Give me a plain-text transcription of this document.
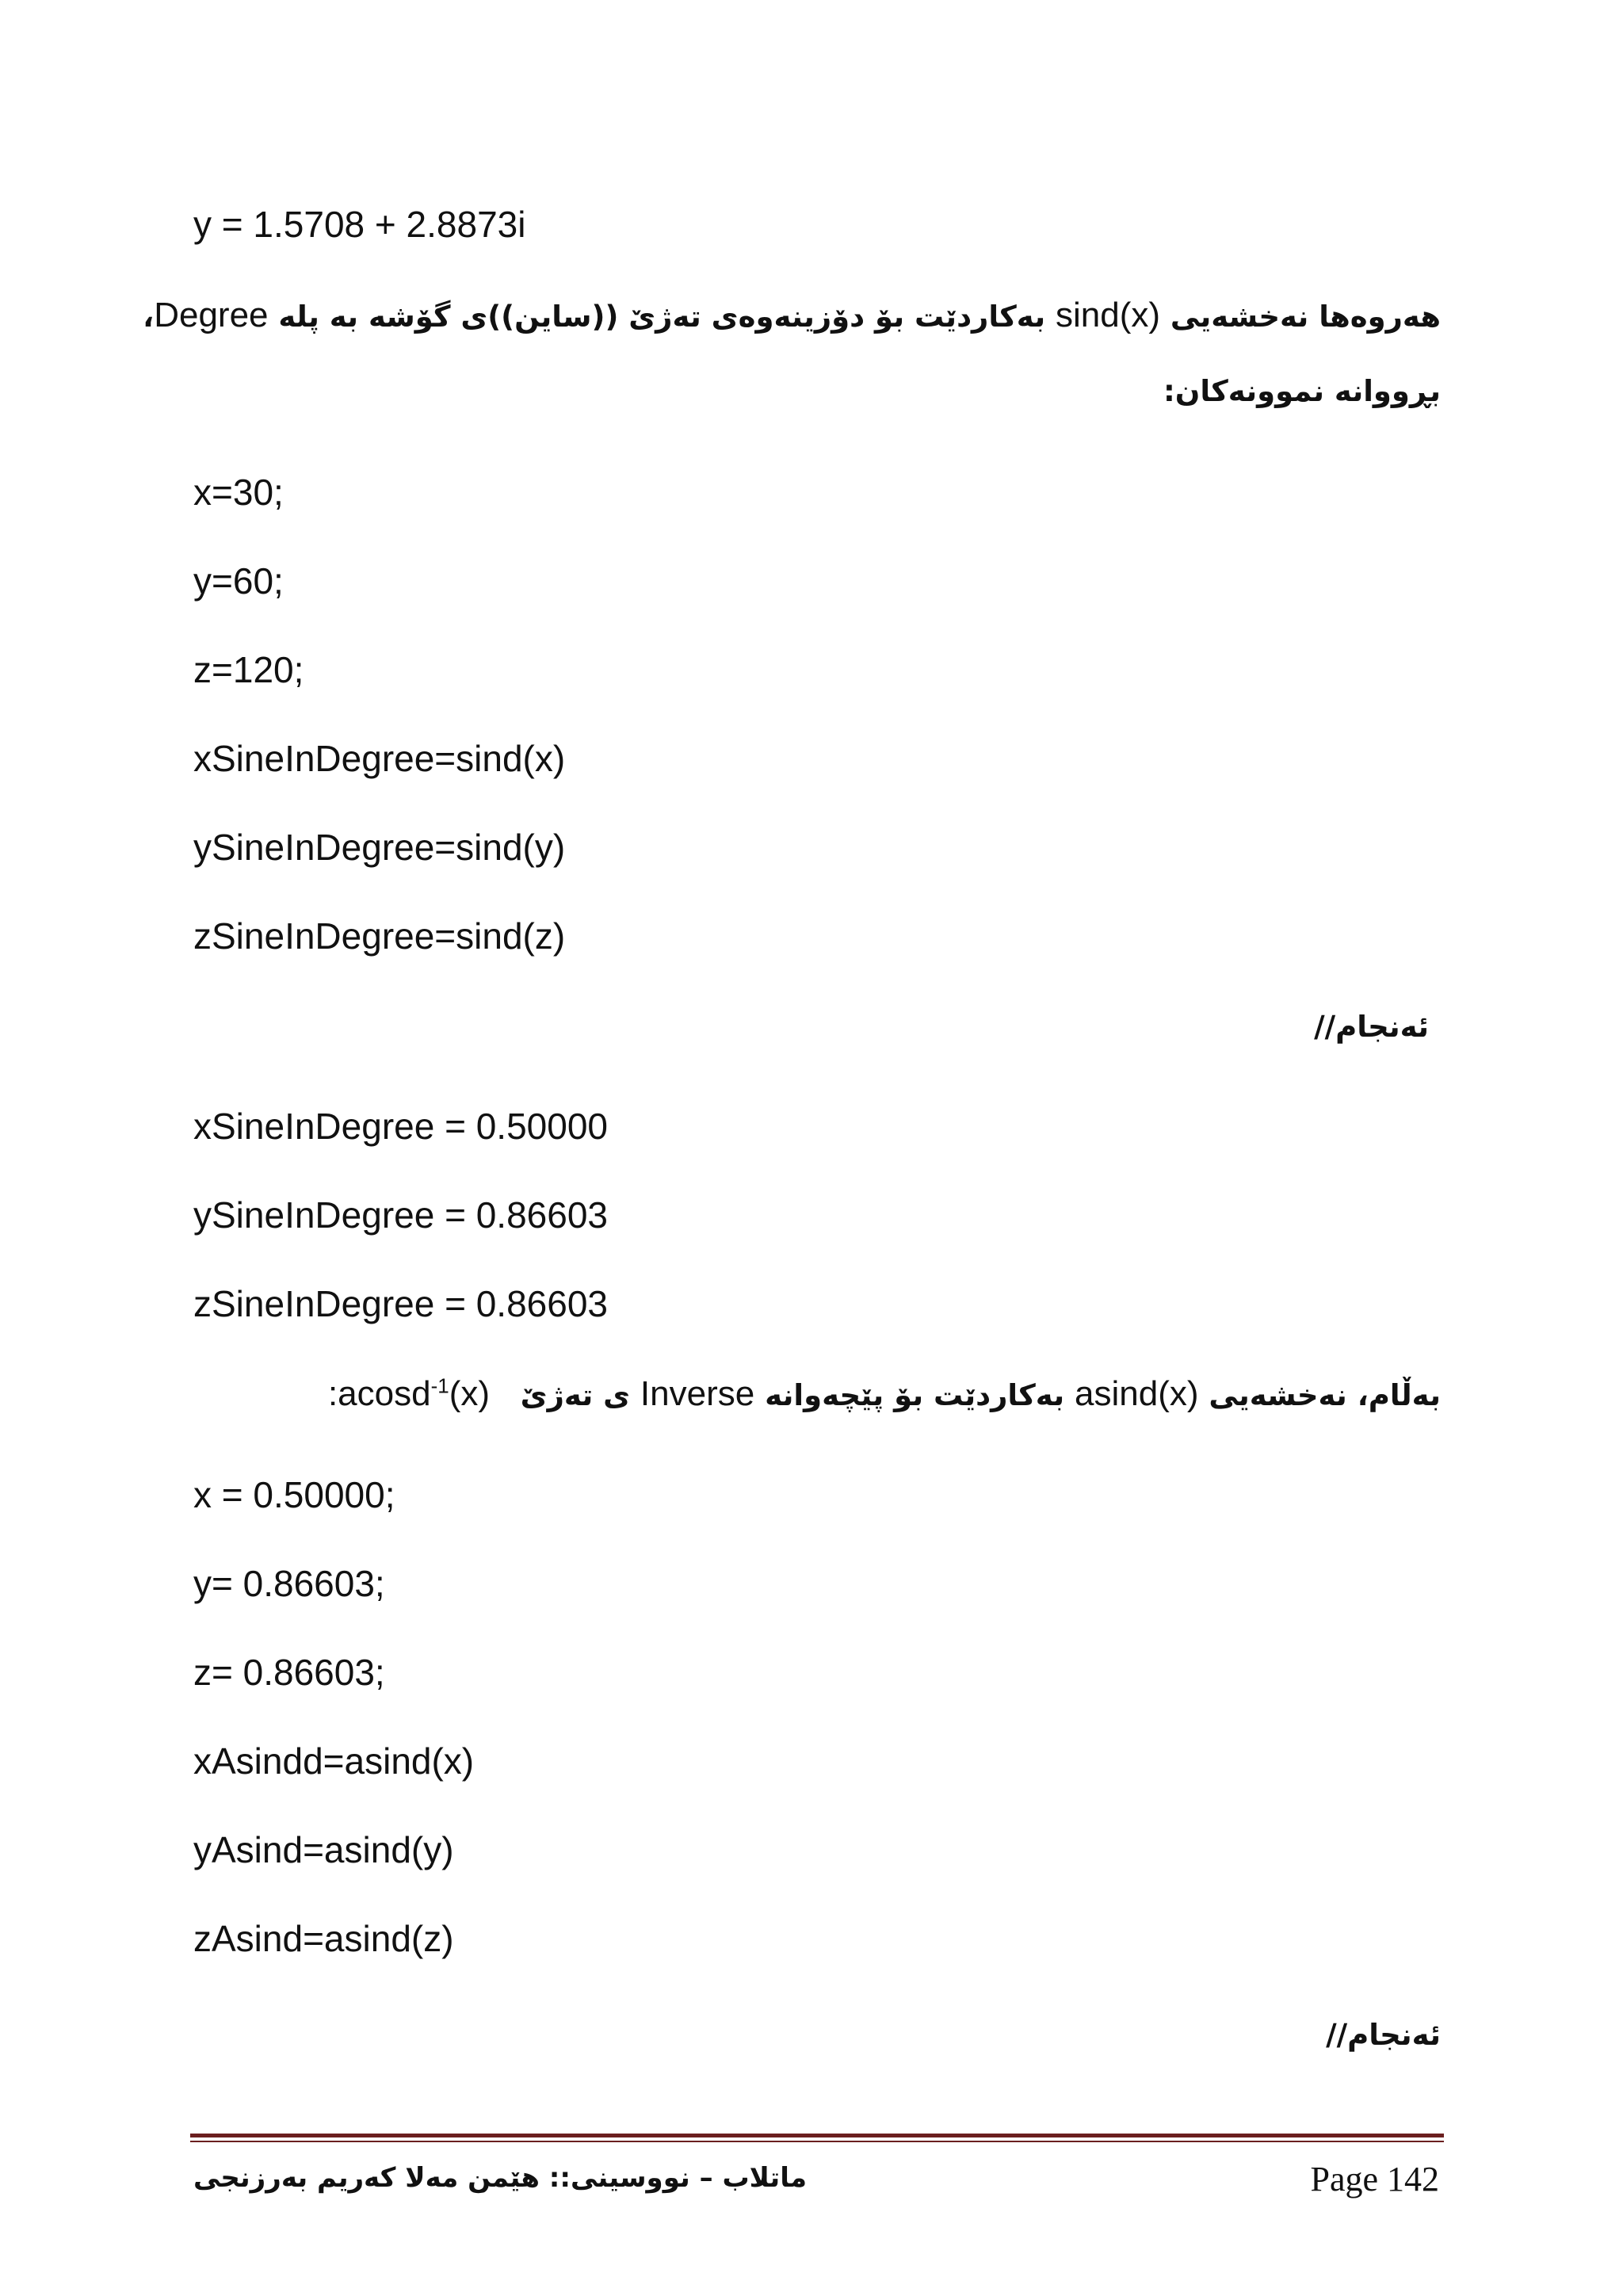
y = 1.5708 + 2.8873i
هەروەها نەخشەیی sind(x) بەکاردێت بۆ دۆزینەوەی تەژێ ((ساین))ی گۆشە بە پلە Degree،
بڕووانە نموونەکان:
x=30;
y=60;
z=120;
xSineInDegree=sind(x)
ySineInDegree=sind(y)
zSineInDegree=sind(z)
ئەنجام//
xSineInDegree = 0.50000
ySineInDegree = 0.86603
zSineInDegree = 0.86603
بەڵام، نەخشەیی asind(x) بەکاردێت بۆ پێچەوانە Inverse ی تەژێ   :acosd$^{-1}$(x)
x = 0.50000;
y= 0.86603;
z= 0.86603;
xAsindd=asind(x)
yAsind=asind(y)
zAsind=asind(z)
ئەنجام//
ماتلاب – نووسینی:: هێمن مەلا کەریم بەرزنجی	Page 142
